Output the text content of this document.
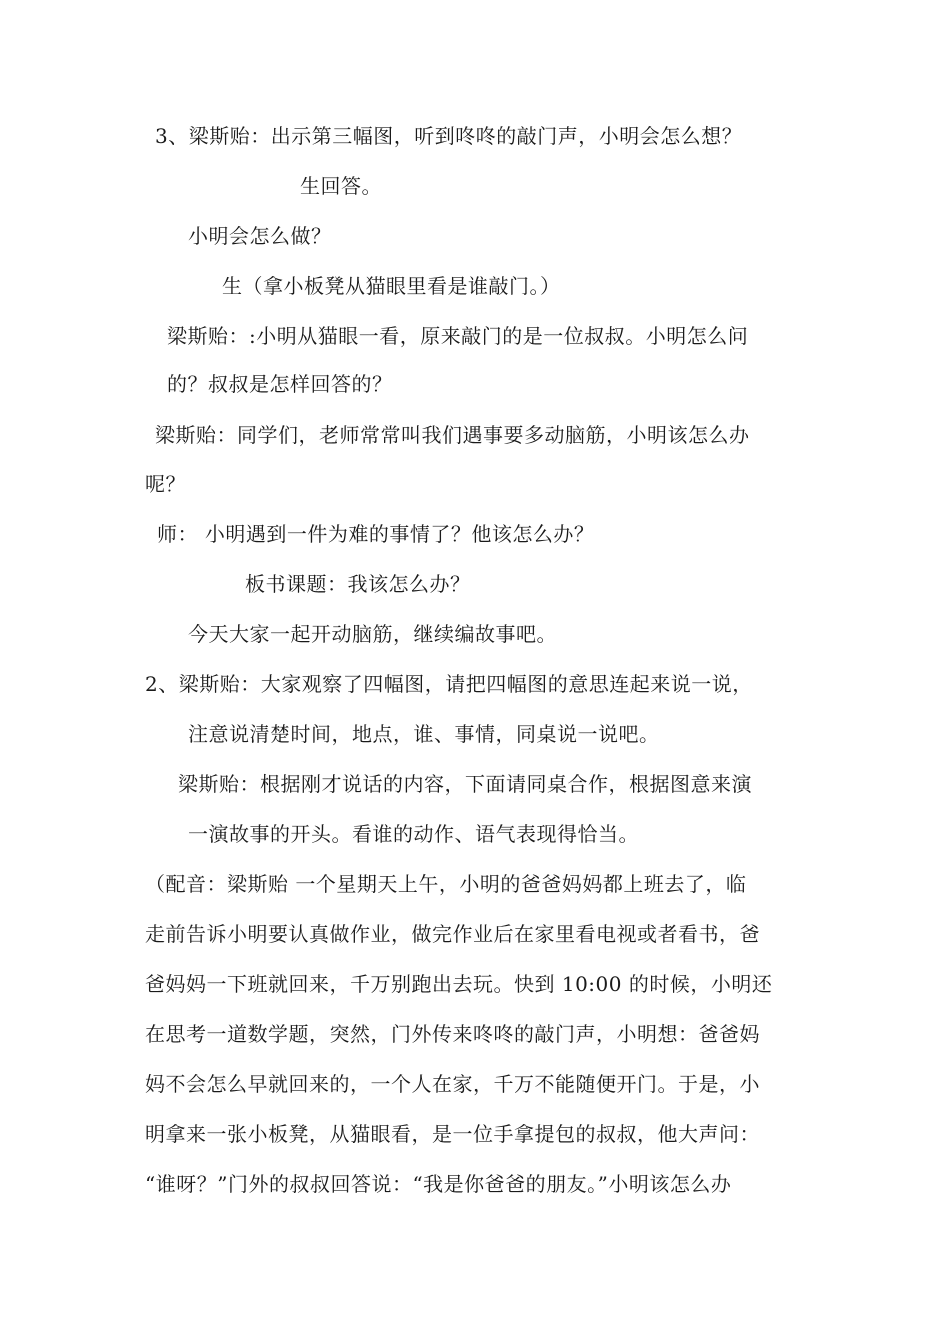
3、梁斯贻：出示第三幅图，听到咚咚的敲门声，小明会怎么想？
生回答。
小明会怎么做？
生（拿小板凳从猫眼里看是谁敲门。）
梁斯贻：:小明从猫眼一看，原来敲门的是一位叔叔。小明怎么问
的？叔叔是怎样回答的？
梁斯贻：同学们，老师常常叫我们遇事要多动脑筋，小明该怎么办
呢？
师： 小明遇到一件为难的事情了？他该怎么办？
板书课题：我该怎么办？
今天大家一起开动脑筋，继续编故事吧。
2、梁斯贻：大家观察了四幅图，请把四幅图的意思连起来说一说，
注意说清楚时间，地点，谁、事情，同桌说一说吧。
梁斯贻：根据刚才说话的内容，下面请同桌合作，根据图意来演
一演故事的开头。看谁的动作、语气表现得恰当。
（配音：梁斯贻 一个星期天上午，小明的爸爸妈妈都上班去了，临
走前告诉小明要认真做作业，做完作业后在家里看电视或者看书，爸
爸妈妈一下班就回来，千万别跑出去玩。快到 10:00 的时候，小明还
在思考一道数学题，突然，门外传来咚咚的敲门声，小明想：爸爸妈
妈不会怎么早就回来的，一个人在家，千万不能随便开门。于是，小
明拿来一张小板凳，从猫眼看，是一位手拿提包的叔叔，他大声问：
“谁呀？”门外的叔叔回答说：“我是你爸爸的朋友。”小明该怎么办
